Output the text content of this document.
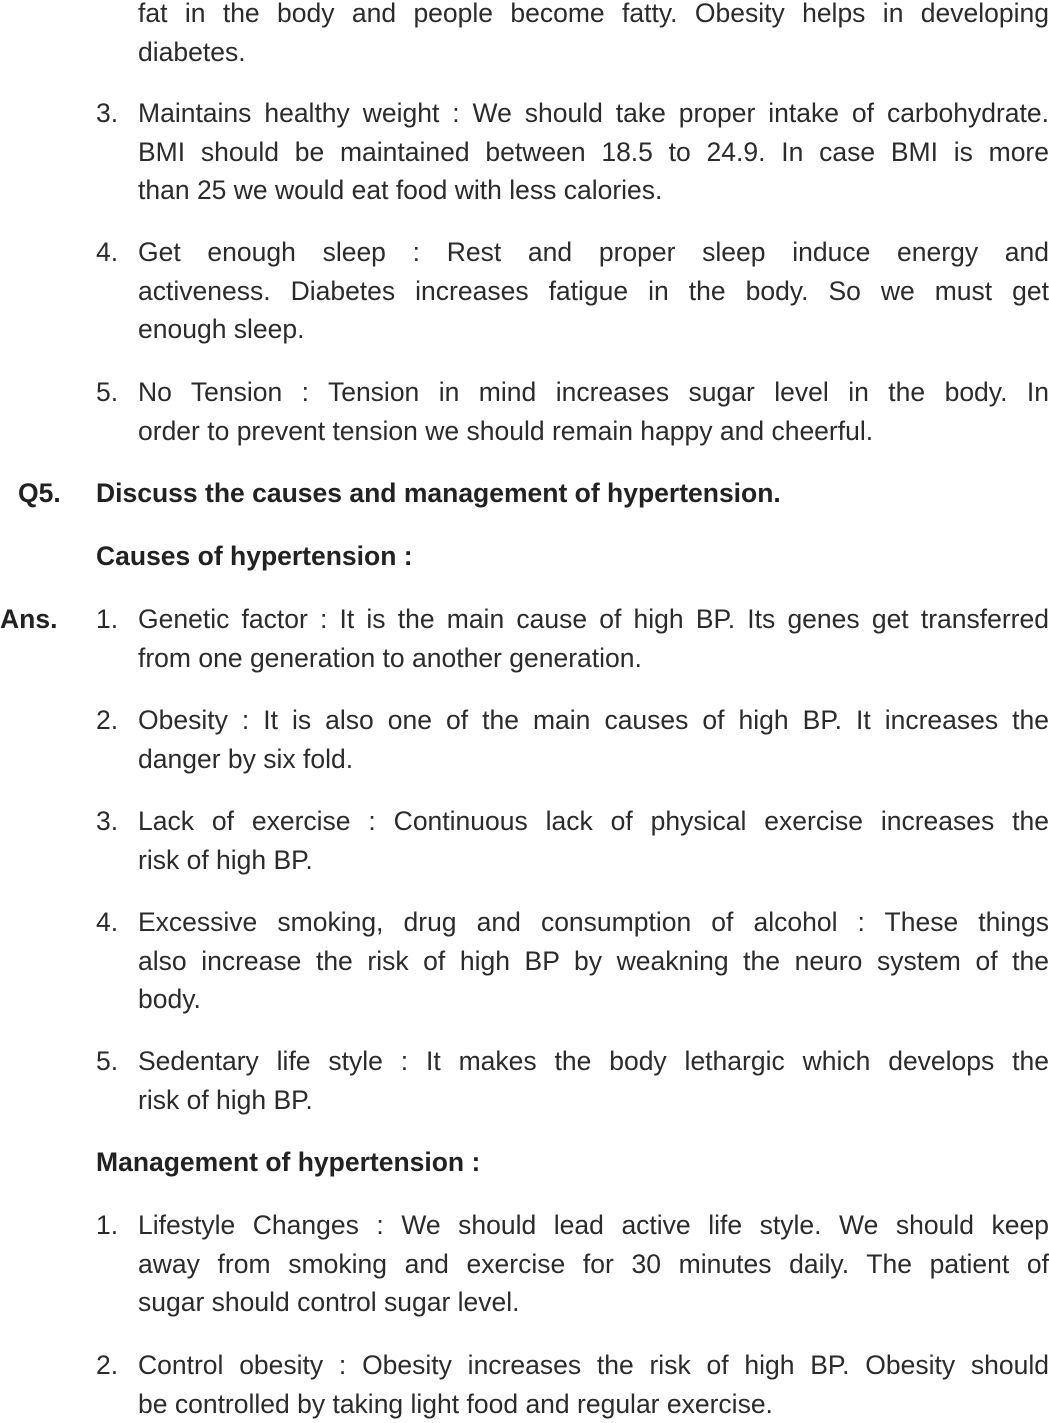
fat in the body and people become fatty. Obesity helps in developing
diabetes.
3. Maintains healthy weight : We should take proper intake of carbohydrate.
BMI should be maintained between 18.5 to 24.9. In case BMI is more
than 25 we would eat food with less calories.
4. Get enough sleep : Rest and proper sleep induce energy and
activeness. Diabetes increases fatigue in the body. So we must get
enough sleep.
5. No Tension : Tension in mind increases sugar level in the body. In
order to prevent tension we should remain happy and cheerful.
Q5. Discuss the causes and management of hypertension.
Causes of hypertension :
Ans. 1. Genetic factor : It is the main cause of high BP. Its genes get transferred
from one generation to another generation.
2. Obesity : It is also one of the main causes of high BP. It increases the
danger by six fold.
3. Lack of exercise : Continuous lack of physical exercise increases the
risk of high BP.
4. Excessive smoking, drug and consumption of alcohol : These things
also increase the risk of high BP by weakning the neuro system of the
body.
5. Sedentary life style : It makes the body lethargic which develops the
risk of high BP.
Management of hypertension :
1. Lifestyle Changes : We should lead active life style. We should keep
away from smoking and exercise for 30 minutes daily. The patient of
sugar should control sugar level.
2. Control obesity : Obesity increases the risk of high BP. Obesity should
be controlled by taking light food and regular exercise.
